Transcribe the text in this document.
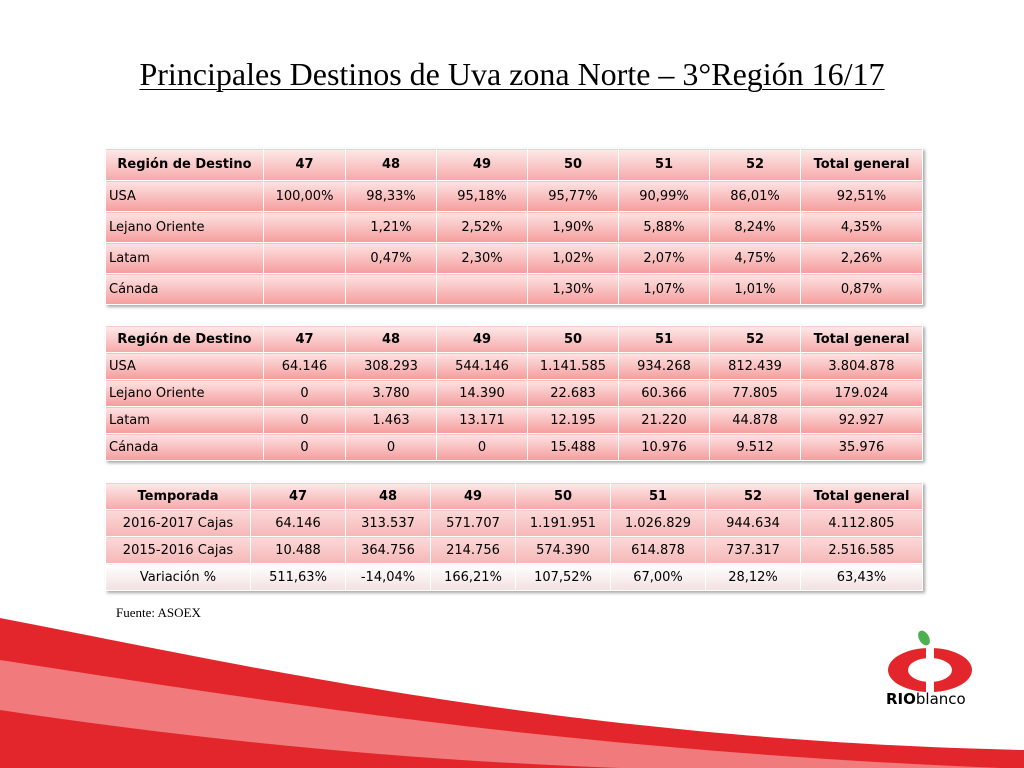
Principales Destinos de Uva zona Norte – 3°Región 16/17
Región de Destino	47	48	49	50	51	52	Total general
USA	100,00%	98,33%	95,18%	95,77%	90,99%	86,01%	92,51%
Lejano Oriente		1,21%	2,52%	1,90%	5,88%	8,24%	4,35%
Latam		0,47%	2,30%	1,02%	2,07%	4,75%	2,26%
Cánada				1,30%	1,07%	1,01%	0,87%
Región de Destino	47	48	49	50	51	52	Total general
USA	64.146	308.293	544.146	1.141.585	934.268	812.439	3.804.878
Lejano Oriente	0	3.780	14.390	22.683	60.366	77.805	179.024
Latam	0	1.463	13.171	12.195	21.220	44.878	92.927
Cánada	0	0	0	15.488	10.976	9.512	35.976
Temporada	47	48	49	50	51	52	Total general
2016-2017 Cajas	64.146	313.537	571.707	1.191.951	1.026.829	944.634	4.112.805
2015-2016 Cajas	10.488	364.756	214.756	574.390	614.878	737.317	2.516.585
Variación %	511,63%	-14,04%	166,21%	107,52%	67,00%	28,12%	63,43%
Fuente: ASOEX
RIOblanco
